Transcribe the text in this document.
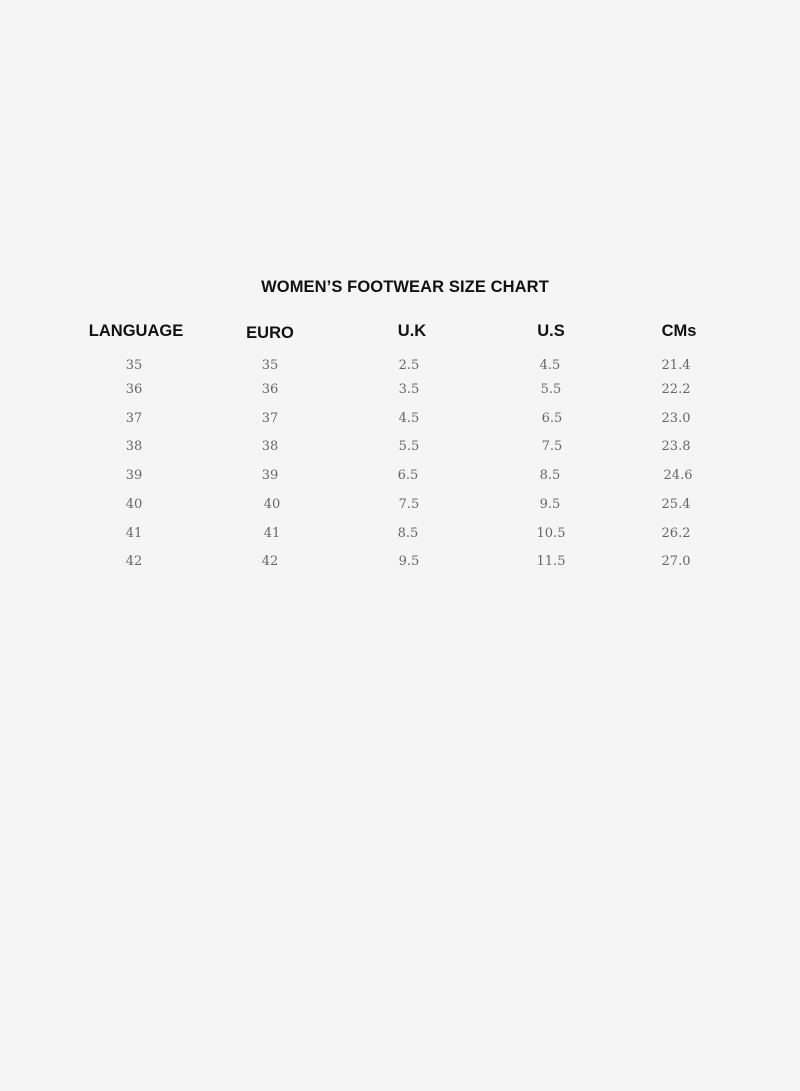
WOMEN’S FOOTWEAR SIZE CHART
LANGUAGE	EURO	U.K	U.S	CMs
35	35	2.5	4.5	21.4
36	36	3.5	5.5	22.2
37	37	4.5	6.5	23.0
38	38	5.5	7.5	23.8
39	39	6.5	8.5	24.6
40	40	7.5	9.5	25.4
41	41	8.5	10.5	26.2
42	42	9.5	11.5	27.0
